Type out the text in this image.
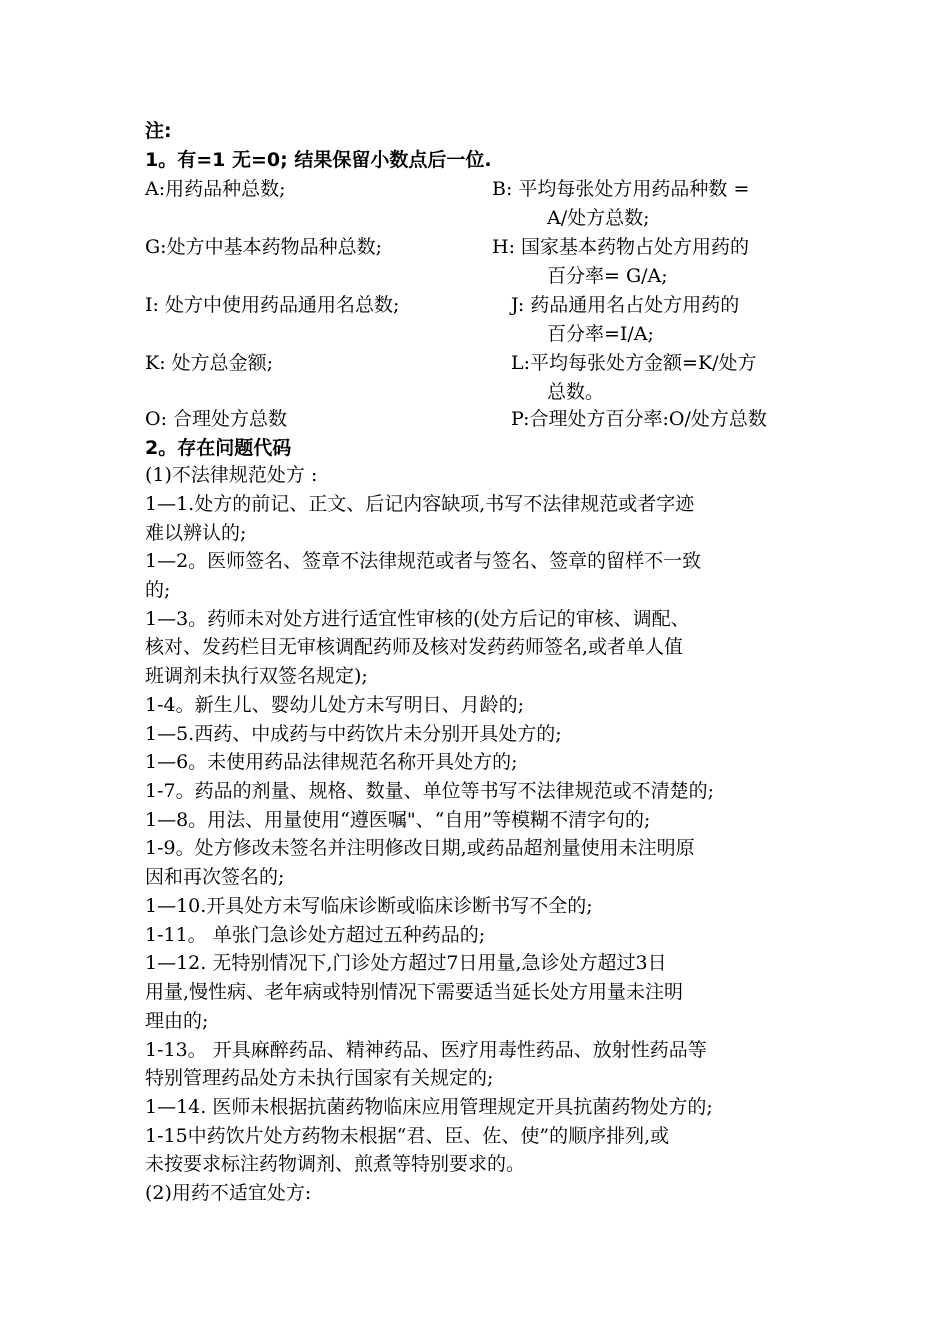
注:
1。有=1 无=0; 结果保留小数点后一位.
A:用药品种总数;	B: 平均每张处方用药品种数 =
A/处方总数;
G:处方中基本药物品种总数;	H: 国家基本药物占处方用药的
百分率= G/A;
I: 处方中使用药品通用名总数;	J: 药品通用名占处方用药的
百分率=I/A;
K: 处方总金额;	L:平均每张处方金额=K/处方
总数。
O: 合理处方总数	P:合理处方百分率:O/处方总数
2。存在问题代码
(1)不法律规范处方 :
1—1.处方的前记、正文、后记内容缺项,书写不法律规范或者字迹
难以辨认的;
1—2。医师签名、签章不法律规范或者与签名、签章的留样不一致
的;
1—3。药师未对处方进行适宜性审核的(处方后记的审核、调配、
核对、发药栏目无审核调配药师及核对发药药师签名,或者单人值
班调剂未执行双签名规定);
1-4。新生儿、婴幼儿处方未写明日、月龄的;
1—5.西药、中成药与中药饮片未分别开具处方的;
1—6。未使用药品法律规范名称开具处方的;
1-7。药品的剂量、规格、数量、单位等书写不法律规范或不清楚的;
1—8。用法、用量使用“遵医嘱"、“自用”等模糊不清字句的;
1-9。处方修改未签名并注明修改日期,或药品超剂量使用未注明原
因和再次签名的;
1—10.开具处方未写临床诊断或临床诊断书写不全的;
1-11。 单张门急诊处方超过五种药品的;
1—12. 无特别情况下,门诊处方超过7日用量,急诊处方超过3日
用量,慢性病、老年病或特别情况下需要适当延长处方用量未注明
理由的;
1-13。 开具麻醉药品、精神药品、医疗用毒性药品、放射性药品等
特别管理药品处方未执行国家有关规定的;
1—14. 医师未根据抗菌药物临床应用管理规定开具抗菌药物处方的;
1-15中药饮片处方药物未根据“君、臣、佐、使”的顺序排列,或
未按要求标注药物调剂、煎煮等特别要求的。
(2)用药不适宜处方:
